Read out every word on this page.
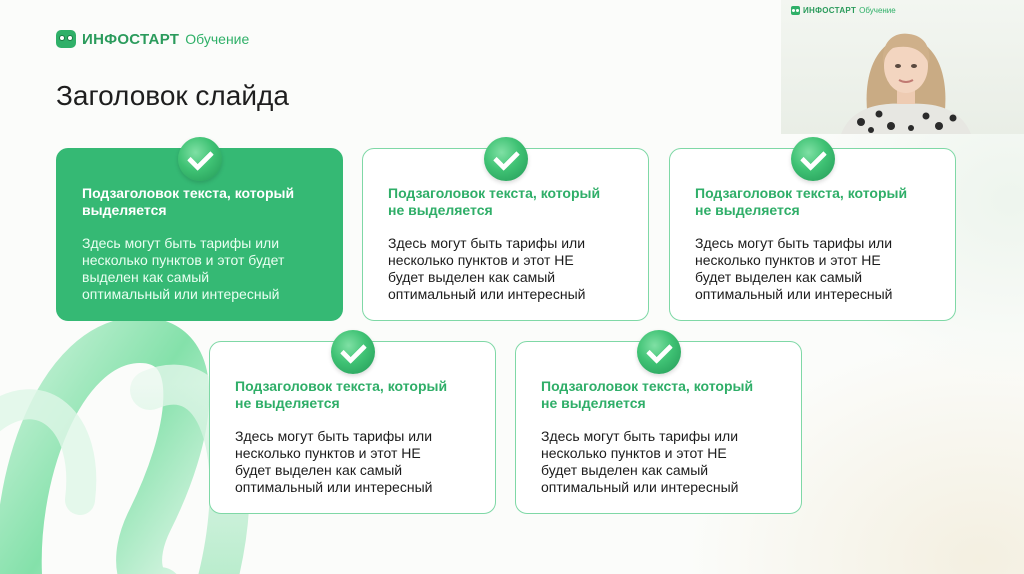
ИНФОСТАРТ Обучение
Заголовок слайда

Подзаголовок текста, который
выделяется

Здесь могут быть тарифы или
несколько пунктов и этот будет
выделен как самый
оптимальный или интересный

Подзаголовок текста, который
не выделяется

Здесь могут быть тарифы или
несколько пунктов и этот НЕ
будет выделен как самый
оптимальный или интересный

Подзаголовок текста, который
не выделяется

Здесь могут быть тарифы или
несколько пунктов и этот НЕ
будет выделен как самый
оптимальный или интересный

Подзаголовок текста, который
не выделяется

Здесь могут быть тарифы или
несколько пунктов и этот НЕ
будет выделен как самый
оптимальный или интересный

Подзаголовок текста, который
не выделяется

Здесь могут быть тарифы или
несколько пунктов и этот НЕ
будет выделен как самый
оптимальный или интересный

ИНФОСТАРТ Обучение
